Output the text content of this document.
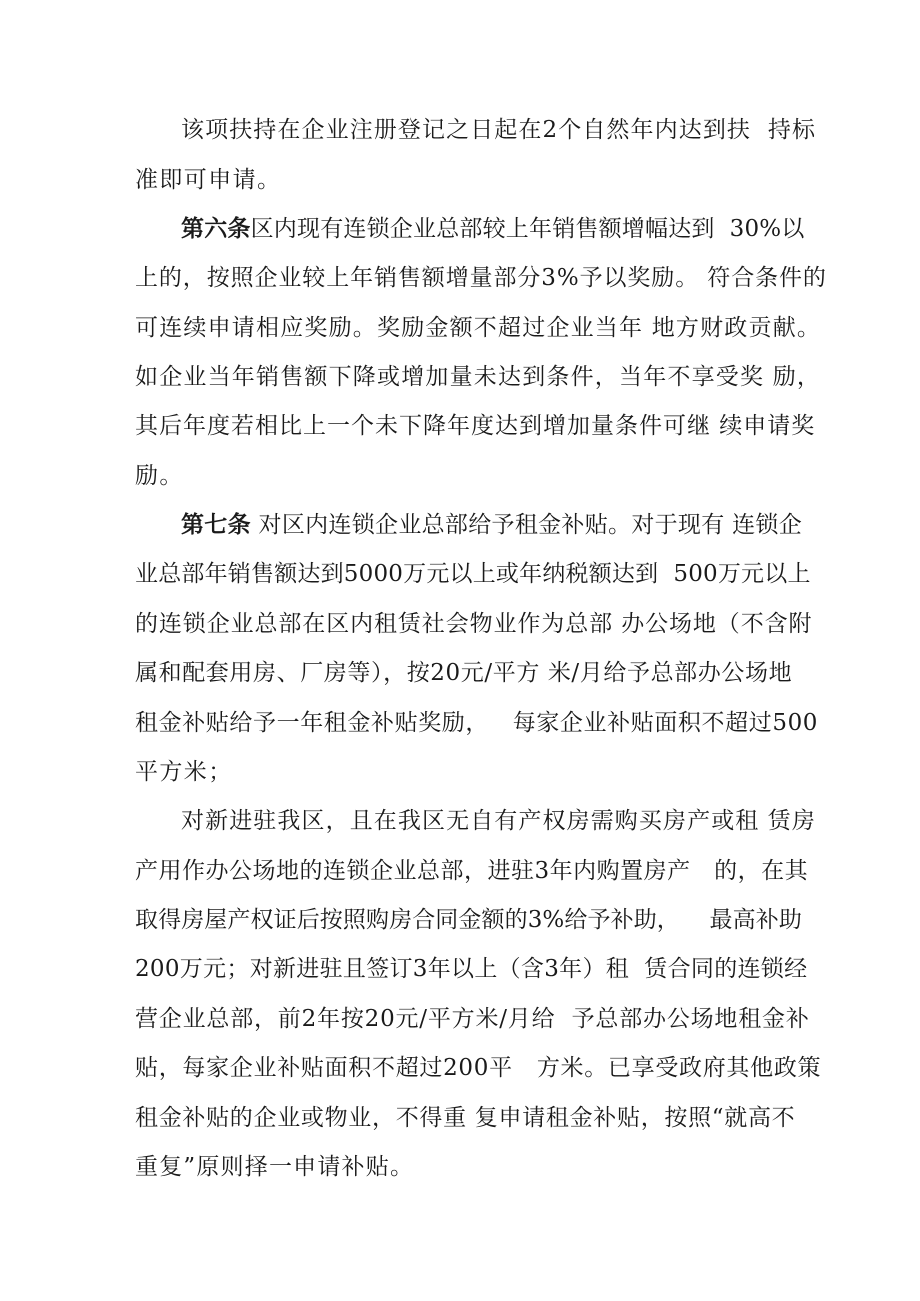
该项扶持在企业注册登记之日起在2个自然年内达到扶  持标
准即可申请。
第六条区内现有连锁企业总部较上年销售额增幅达到  30%以
上的，按照企业较上年销售额增量部分3%予以奖励。 符合条件的
可连续申请相应奖励。奖励金额不超过企业当年 地方财政贡献。
如企业当年销售额下降或增加量未达到条件，当年不享受奖 励，
其后年度若相比上一个未下降年度达到增加量条件可继 续申请奖
励。
第七条 对区内连锁企业总部给予租金补贴。对于现有 连锁企
业总部年销售额达到5000万元以上或年纳税额达到  500万元以上
的连锁企业总部在区内租赁社会物业作为总部 办公场地（不含附
属和配套用房、厂房等），按20元/平方 米/月给予总部办公场地
租金补贴给予一年租金补贴奖励，   每家企业补贴面积不超过500
平方米；
对新进驻我区，且在我区无自有产权房需购买房产或租 赁房
产用作办公场地的连锁企业总部，进驻3年内购置房产   的，在其
取得房屋产权证后按照购房合同金额的3%给予补助，    最高补助
200万元；对新进驻且签订3年以上（含3年）租  赁合同的连锁经
营企业总部，前2年按20元/平方米/月给  予总部办公场地租金补
贴，每家企业补贴面积不超过200平   方米。已享受政府其他政策
租金补贴的企业或物业，不得重 复申请租金补贴，按照“就高不
重复”原则择一申请补贴。
